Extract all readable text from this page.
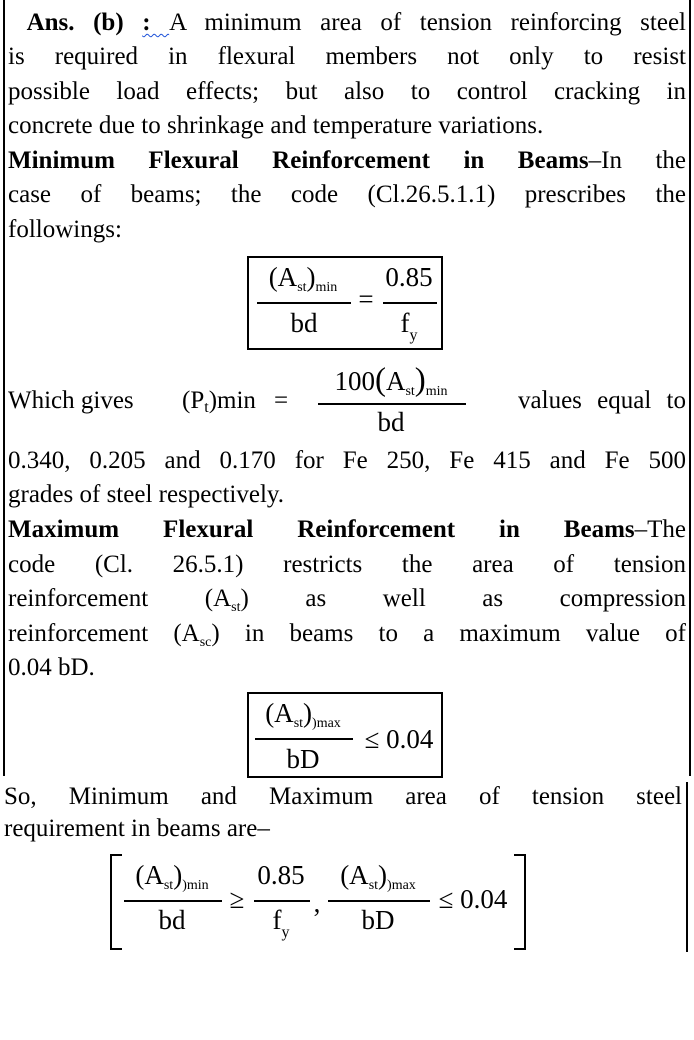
Ans. (b) : A minimum area of tension reinforcing steel

is required in flexural members not only to resist

possible load effects; but also to control cracking in

concrete due to shrinkage and temperature variations.

Minimum Flexural Reinforcement in Beams–In the

case of beams; the code (Cl.26.5.1.1) prescribes the

followings:

(Ast)min
bd
=
0.85
$f_y$
Which gives (Pt)min =
100(Ast)min
bd
values equal to

0.340, 0.205 and 0.170 for Fe 250, Fe 415 and Fe 500

grades of steel respectively.

Maximum Flexural Reinforcement in Beams–The

code (Cl. 26.5.1) restricts the area of tension

reinforcement $(A_{st})$ as well as compression

reinforcement $(A_{sc})$ in beams to a maximum value of

0.04 bD.

(Ast))max
bD
≤ 0.04

So, Minimum and Maximum area of tension steel

requirement in beams are–

(Ast))min
bd
≥
0.85
$f_y$
,
(Ast))max
bD
≤ 0.04
